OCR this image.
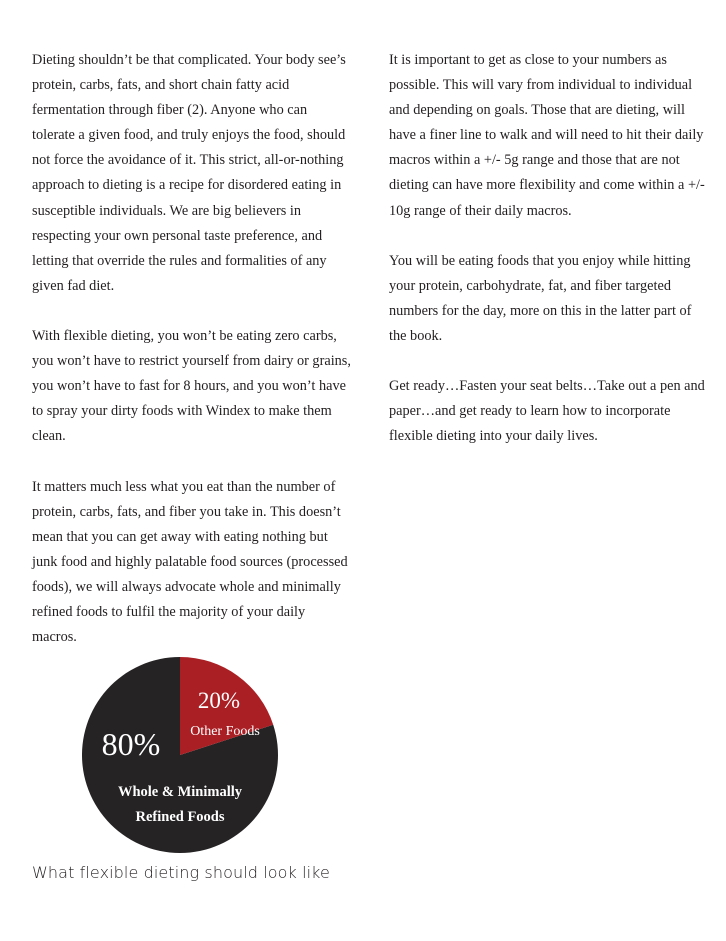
Dieting shouldn’t be that complicated. Your body see’s protein, carbs, fats, and short chain fatty acid fermentation through fiber (2). Anyone who can tolerate a given food, and truly enjoys the food, should not force the avoidance of it. This strict, all-or-nothing approach to dieting is a recipe for disordered eating in susceptible individuals. We are big believers in respecting your own personal taste preference, and letting that override the rules and formalities of any given fad diet.

With flexible dieting, you won’t be eating zero carbs, you won’t have to restrict yourself from dairy or grains, you won’t have to fast for 8 hours, and you won’t have to spray your dirty foods with Windex to make them clean.

It matters much less what you eat than the number of protein, carbs, fats, and fiber you take in. This doesn’t mean that you can get away with eating nothing but junk food and highly palatable food sources (processed foods), we will always advocate whole and minimally refined foods to fulfil the majority of your daily macros.

It is important to get as close to your numbers as possible. This will vary from individual to individual and depending on goals. Those that are dieting, will have a finer line to walk and will need to hit their daily macros within a +/- 5g range and those that are not dieting can have more flexibility and come within a +/- 10g range of their daily macros.

You will be eating foods that you enjoy while hitting your protein, carbohydrate, fat, and fiber targeted numbers for the day, more on this in the latter part of the book.

Get ready…Fasten your seat belts…Take out a pen and paper…and get ready to learn how to incorporate flexible dieting into your daily lives.

20%
Other Foods
80%
Whole & Minimally
Refined Foods
What flexible dieting should look like
